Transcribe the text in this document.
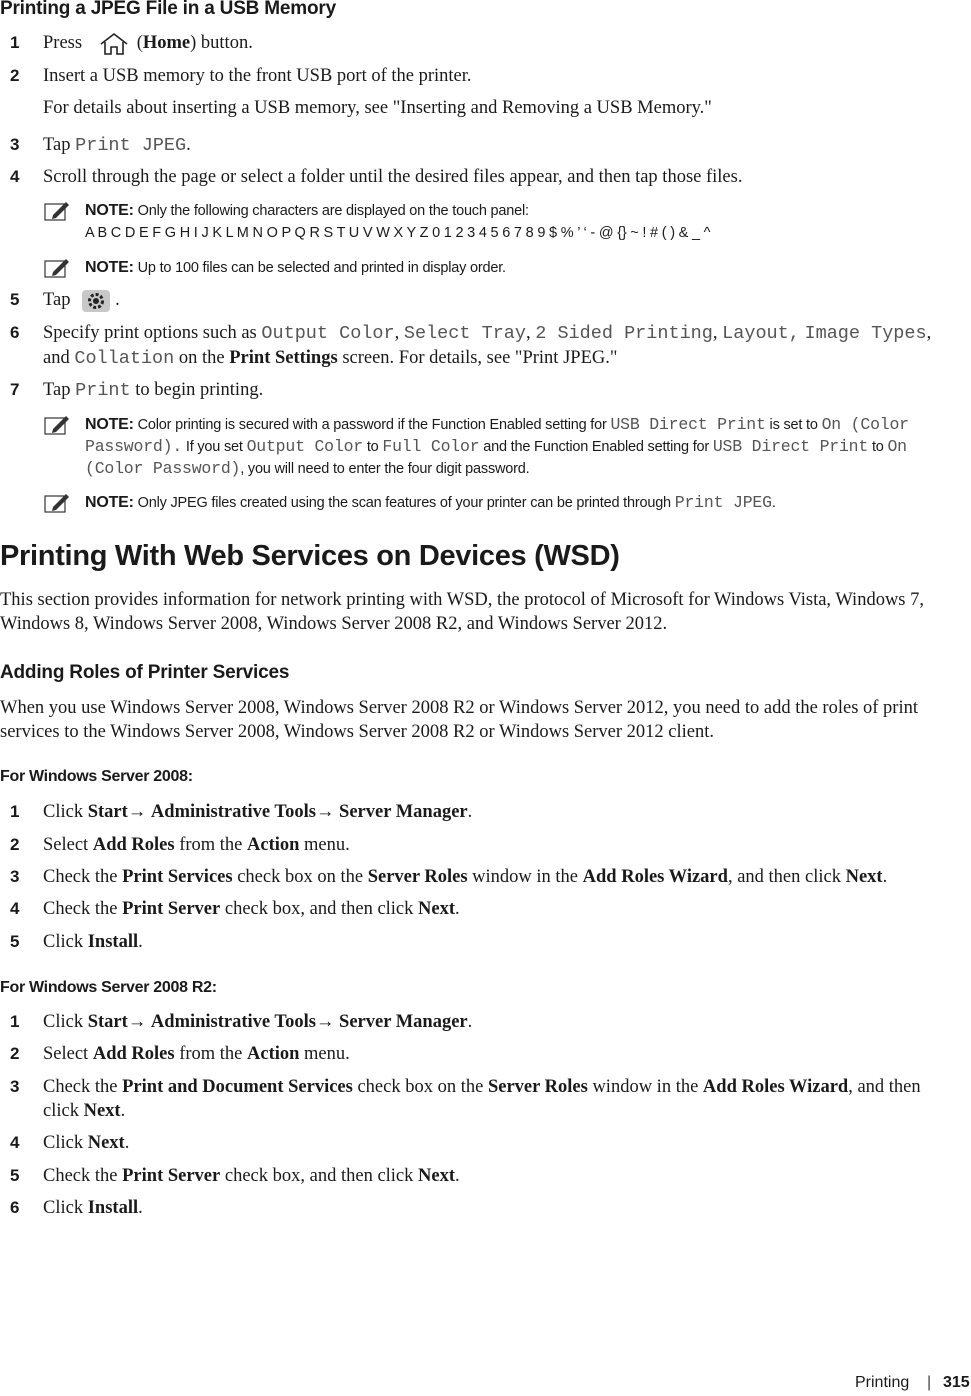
Printing a JPEG File in a USB Memory
1 Press	(Home) button.
2 Insert a USB memory to the front USB port of the printer.
For details about inserting a USB memory, see "Inserting and Removing a USB Memory."
3 Tap Print JPEG.
4 Scroll through the page or select a folder until the desired files appear, and then tap those files.
NOTE: Only the following characters are displayed on the touch panel:
A B C D E F G H I J K L M N O P Q R S T U V W X Y Z 0 1 2 3 4 5 6 7 8 9 $ % ’ ‘ - @ {} ~ ! # ( ) & _ ^
NOTE: Up to 100 files can be selected and printed in display order.
5 Tap .
6 Specify print options such as Output Color, Select Tray, 2 Sided Printing, Layout, Image Types, and Collation on the Print Settings screen. For details, see "Print JPEG."
7 Tap Print to begin printing.
NOTE: Color printing is secured with a password if the Function Enabled setting for USB Direct Print is set to On (Color Password). If you set Output Color to Full Color and the Function Enabled setting for USB Direct Print to On (Color Password), you will need to enter the four digit password.
NOTE: Only JPEG files created using the scan features of your printer can be printed through Print JPEG.
Printing With Web Services on Devices (WSD)
This section provides information for network printing with WSD, the protocol of Microsoft for Windows Vista, Windows 7, Windows 8, Windows Server 2008, Windows Server 2008 R2, and Windows Server 2012.
Adding Roles of Printer Services
When you use Windows Server 2008, Windows Server 2008 R2 or Windows Server 2012, you need to add the roles of print services to the Windows Server 2008, Windows Server 2008 R2 or Windows Server 2012 client.
For Windows Server 2008:
1 Click Start→ Administrative Tools→ Server Manager.
2 Select Add Roles from the Action menu.
3 Check the Print Services check box on the Server Roles window in the Add Roles Wizard, and then click Next.
4 Check the Print Server check box, and then click Next.
5 Click Install.
For Windows Server 2008 R2:
1 Click Start→ Administrative Tools→ Server Manager.
2 Select Add Roles from the Action menu.
3 Check the Print and Document Services check box on the Server Roles window in the Add Roles Wizard, and then click Next.
4 Click Next.
5 Check the Print Server check box, and then click Next.
6 Click Install.
Printing | 315
